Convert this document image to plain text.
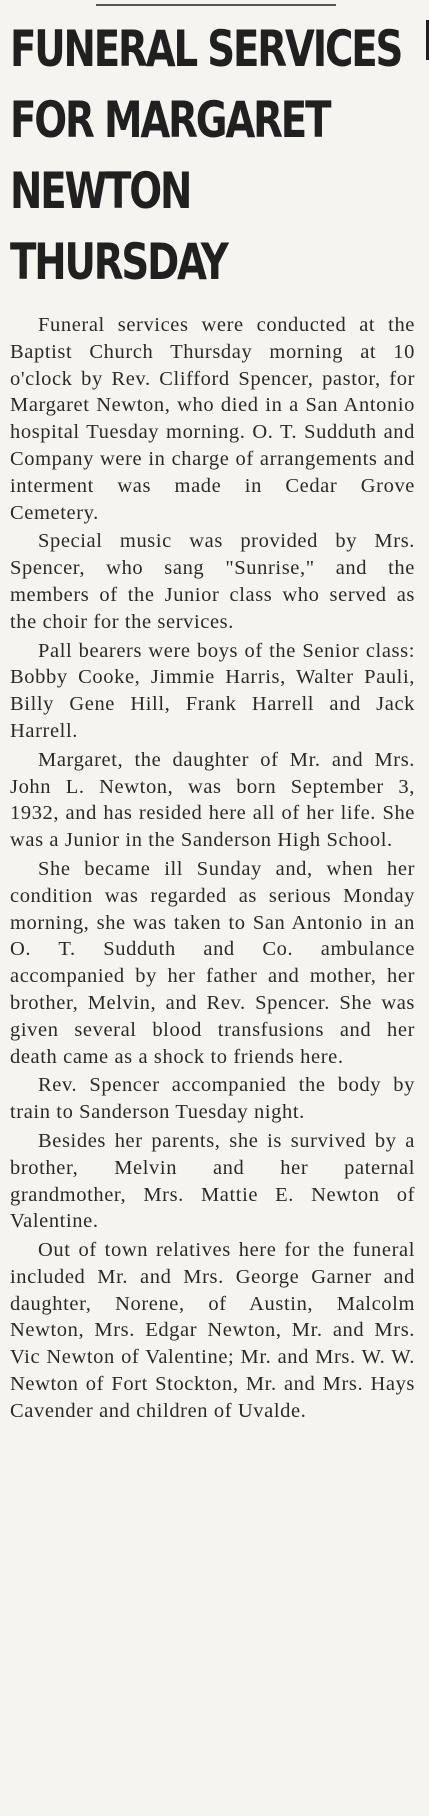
FUNERAL SERVICES FOR MARGARET NEWTON THURSDAY

Funeral services were conducted at the Baptist Church Thursday morning at 10 o'clock by Rev. Clifford Spencer, pastor, for Margaret Newton, who died in a San Antonio hospital Tuesday morning. O. T. Sudduth and Company were in charge of arrangements and interment was made in Cedar Grove Cemetery.

Special music was provided by Mrs. Spencer, who sang "Sunrise," and the members of the Junior class who served as the choir for the services.

Pall bearers were boys of the Senior class: Bobby Cooke, Jimmie Harris, Walter Pauli, Billy Gene Hill, Frank Harrell and Jack Harrell.

Margaret, the daughter of Mr. and Mrs. John L. Newton, was born September 3, 1932, and has resided here all of her life. She was a Junior in the Sanderson High School.

She became ill Sunday and, when her condition was regarded as serious Monday morning, she was taken to San Antonio in an O. T. Sudduth and Co. ambulance accompanied by her father and mother, her brother, Melvin, and Rev. Spencer. She was given several blood transfusions and her death came as a shock to friends here.

Rev. Spencer accompanied the body by train to Sanderson Tuesday night.

Besides her parents, she is survived by a brother, Melvin and her paternal grandmother, Mrs. Mattie E. Newton of Valentine.

Out of town relatives here for the funeral included Mr. and Mrs. George Garner and daughter, Norene, of Austin, Malcolm Newton, Mrs. Edgar Newton, Mr. and Mrs. Vic Newton of Valentine; Mr. and Mrs. W. W. Newton of Fort Stockton, Mr. and Mrs. Hays Cavender and children of Uvalde.
